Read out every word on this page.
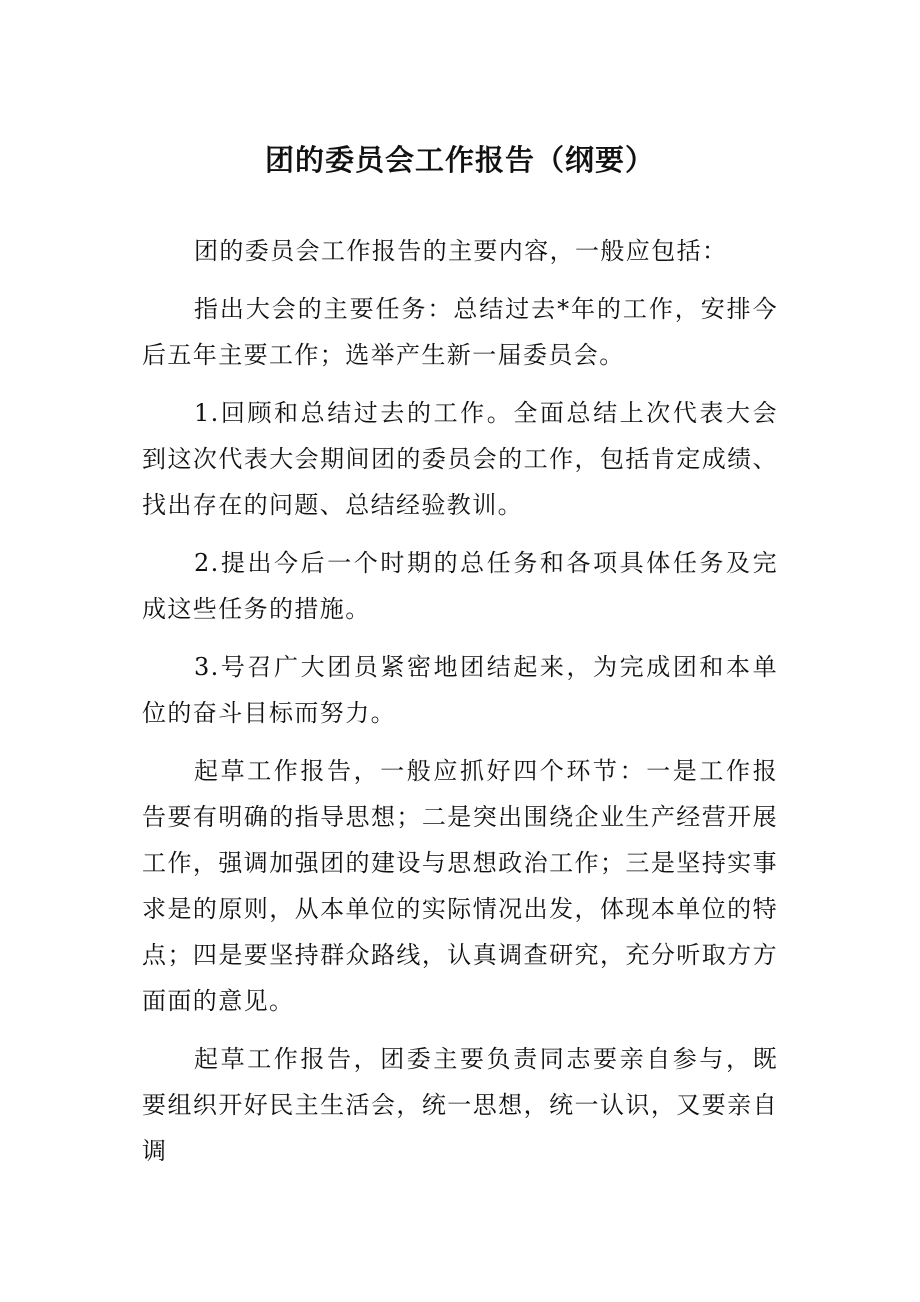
团的委员会工作报告（纲要）

团的委员会工作报告的主要内容，一般应包括：

指出大会的主要任务：总结过去*年的工作，安排今后五年主要工作；选举产生新一届委员会。

1.回顾和总结过去的工作。全面总结上次代表大会到这次代表大会期间团的委员会的工作，包括肯定成绩、找出存在的问题、总结经验教训。

2.提出今后一个时期的总任务和各项具体任务及完成这些任务的措施。

3.号召广大团员紧密地团结起来，为完成团和本单位的奋斗目标而努力。

起草工作报告，一般应抓好四个环节：一是工作报告要有明确的指导思想；二是突出围绕企业生产经营开展工作，强调加强团的建设与思想政治工作；三是坚持实事求是的原则，从本单位的实际情况出发，体现本单位的特点；四是要坚持群众路线，认真调查研究，充分听取方方面面的意见。

起草工作报告，团委主要负责同志要亲自参与，既要组织开好民主生活会，统一思想，统一认识，又要亲自调
